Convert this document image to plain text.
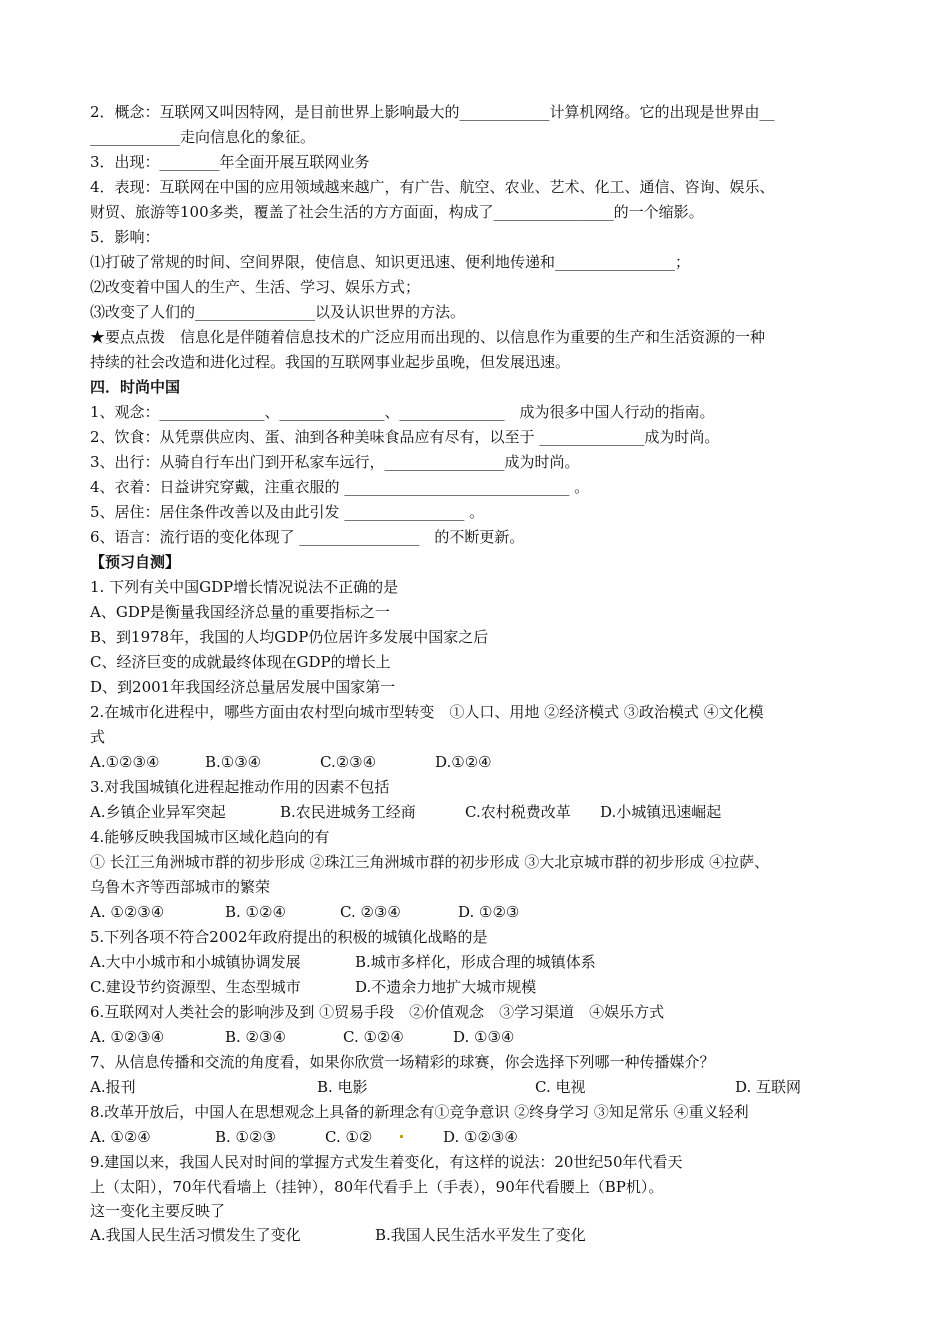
2．概念：互联网又叫因特网，是目前世界上影响最大的____________计算机网络。它的出现是世界由__
____________走向信息化的象征。
3．出现：________年全面开展互联网业务
4．表现：互联网在中国的应用领域越来越广，有广告、航空、农业、艺术、化工、通信、咨询、娱乐、
财贸、旅游等100多类，覆盖了社会生活的方方面面，构成了________________的一个缩影。
5．影响：
⑴打破了常规的时间、空间界限，使信息、知识更迅速、便利地传递和________________；
⑵改变着中国人的生产、生活、学习、娱乐方式；
⑶改变了人们的________________以及认识世界的方法。
★要点点拨　信息化是伴随着信息技术的广泛应用而出现的、以信息作为重要的生产和生活资源的一种
持续的社会改造和进化过程。我国的互联网事业起步虽晚，但发展迅速。
四．时尚中国
1、观念：______________、______________、______________　成为很多中国人行动的指南。
2、饮食：从凭票供应肉、蛋、油到各种美味食品应有尽有，以至于 ______________成为时尚。
3、出行：从骑自行车出门到开私家车远行，________________成为时尚。
4、衣着：日益讲究穿戴，注重衣服的 ______________________________ 。
5、居住：居住条件改善以及由此引发 ________________ 。
6、语言：流行语的变化体现了 ________________　的不断更新。
【预习自测】
1. 下列有关中国GDP增长情况说法不正确的是
A、GDP是衡量我国经济总量的重要指标之一
B、到1978年，我国的人均GDP仍位居许多发展中国家之后
C、经济巨变的成就最终体现在GDP的增长上
D、到2001年我国经济总量居发展中国家第一
2.在城市化进程中，哪些方面由农村型向城市型转变　①人口、用地 ②经济模式 ③政治模式 ④文化模
式
A.①②③④	B.①③④	C.②③④	D.①②④
3.对我国城镇化进程起推动作用的因素不包括
A.乡镇企业异军突起	B.农民进城务工经商	C.农村税费改革	D.小城镇迅速崛起
4.能够反映我国城市区域化趋向的有
① 长江三角洲城市群的初步形成 ②珠江三角洲城市群的初步形成 ③大北京城市群的初步形成 ④拉萨、
乌鲁木齐等西部城市的繁荣
A. ①②③④	B. ①②④	C. ②③④	D. ①②③
5.下列各项不符合2002年政府提出的积极的城镇化战略的是
A.大中小城市和小城镇协调发展	B.城市多样化，形成合理的城镇体系
C.建设节约资源型、生态型城市	D.不遗余力地扩大城市规模
6.互联网对人类社会的影响涉及到 ①贸易手段　②价值观念　③学习渠道　④娱乐方式
A. ①②③④	B. ②③④	C. ①②④	D. ①③④
7、从信息传播和交流的角度看，如果你欣赏一场精彩的球赛，你会选择下列哪一种传播媒介？
A.报刊	B. 电影	C. 电视	D. 互联网
8.改革开放后，中国人在思想观念上具备的新理念有①竞争意识 ②终身学习 ③知足常乐 ④重义轻利
A. ①②④	B. ①②③	C. ①②	D. ①②③④
9.建国以来，我国人民对时间的掌握方式发生着变化，有这样的说法：20世纪50年代看天
上（太阳），70年代看墙上（挂钟），80年代看手上（手表），90年代看腰上（BP机）。
这一变化主要反映了
A.我国人民生活习惯发生了变化	B.我国人民生活水平发生了变化
